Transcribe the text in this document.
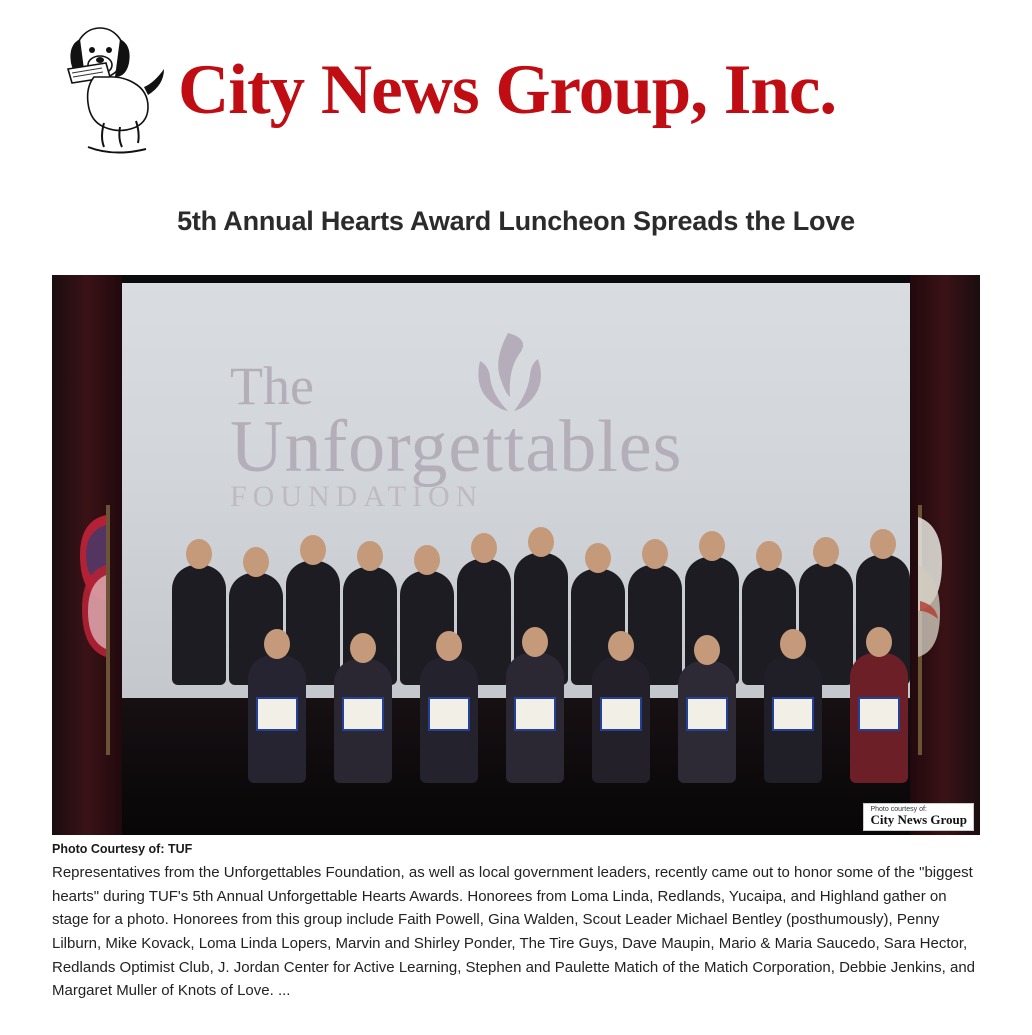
City News Group, Inc.
5th Annual Hearts Award Luncheon Spreads the Love
The
Unforgettables
FOUNDATION
Photo courtesy of:
City News Group
Photo Courtesy of: TUF
Representatives from the Unforgettables Foundation, as well as local government leaders, recently came out to honor some of the "biggest hearts" during TUF's 5th Annual Unforgettable Hearts Awards. Honorees from Loma Linda, Redlands, Yucaipa, and Highland gather on stage for a photo. Honorees from this group include Faith Powell, Gina Walden, Scout Leader Michael Bentley (posthumously), Penny Lilburn, Mike Kovack, Loma Linda Lopers, Marvin and Shirley Ponder, The Tire Guys, Dave Maupin, Mario & Maria Saucedo, Sara Hector, Redlands Optimist Club, J. Jordan Center for Active Learning, Stephen and Paulette Matich of the Matich Corporation, Debbie Jenkins, and Margaret Muller of Knots of Love. ...
